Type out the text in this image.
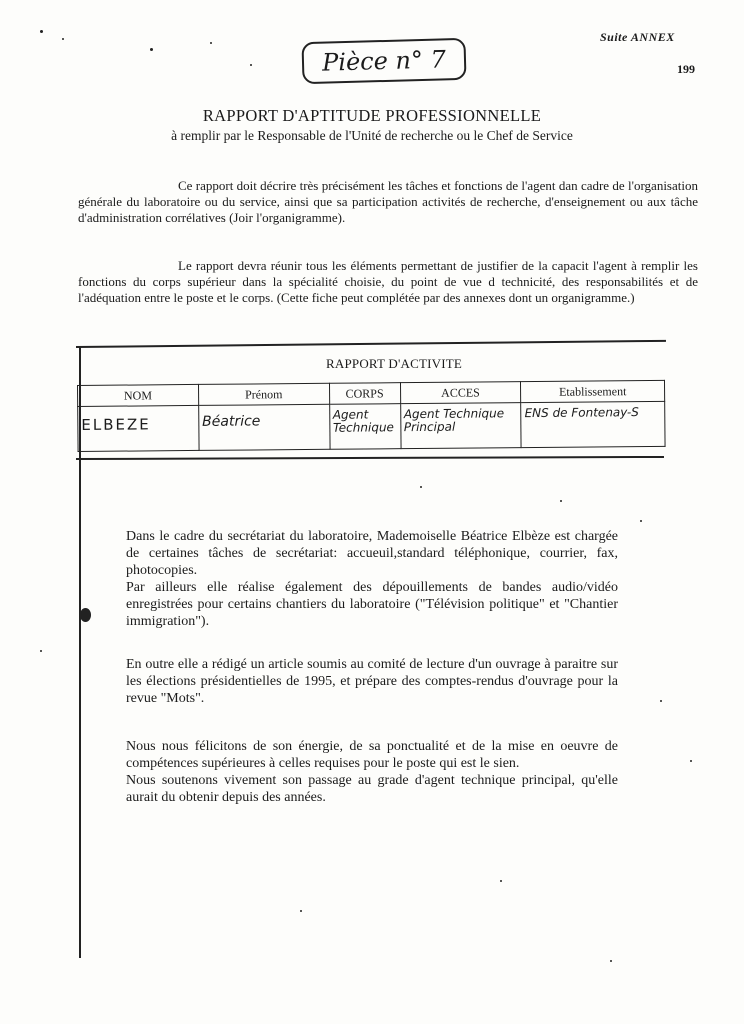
Suite ANNEX
199
Pièce n° 7
RAPPORT D'APTITUDE PROFESSIONNELLE
à remplir par le Responsable de l'Unité de recherche ou le Chef de Service
Ce rapport doit décrire très précisément les tâches et fonctions de l'agent dan cadre de l'organisation générale du laboratoire ou du service, ainsi que sa participation activités de recherche, d'enseignement ou aux tâche d'administration corrélatives (Joir l'organigramme).
Le rapport devra réunir tous les éléments permettant de justifier de la capacit l'agent à remplir les fonctions du corps supérieur dans la spécialité choisie, du point de vue d technicité, des responsabilités et de l'adéquation entre le poste et le corps. (Cette fiche peut complétée par des annexes dont un organigramme.)
RAPPORT D'ACTIVITE
NOM	Prénom	CORPS	ACCES	Etablissement

ELBEZE	Béatrice	Agent Technique	Agent Technique Principal	ENS de Fontenay-S

Dans le cadre du secrétariat du laboratoire, Mademoiselle Béatrice Elbèze est chargée de certaines tâches de secrétariat: accueuil,standard téléphonique, courrier, fax, photocopies.

Par ailleurs elle réalise également des dépouillements de bandes audio/vidéo enregistrées pour certains chantiers du laboratoire ("Télévision politique" et "Chantier immigration").

En outre elle a rédigé un article soumis au comité de lecture d'un ouvrage à paraitre sur les élections présidentielles de 1995, et prépare des comptes-rendus d'ouvrage pour la revue "Mots".

Nous nous félicitons de son énergie, de sa ponctualité et de la mise en oeuvre de compétences supérieures à celles requises pour le poste qui est le sien.

Nous soutenons vivement son passage au grade d'agent technique principal, qu'elle aurait du obtenir depuis des années.
